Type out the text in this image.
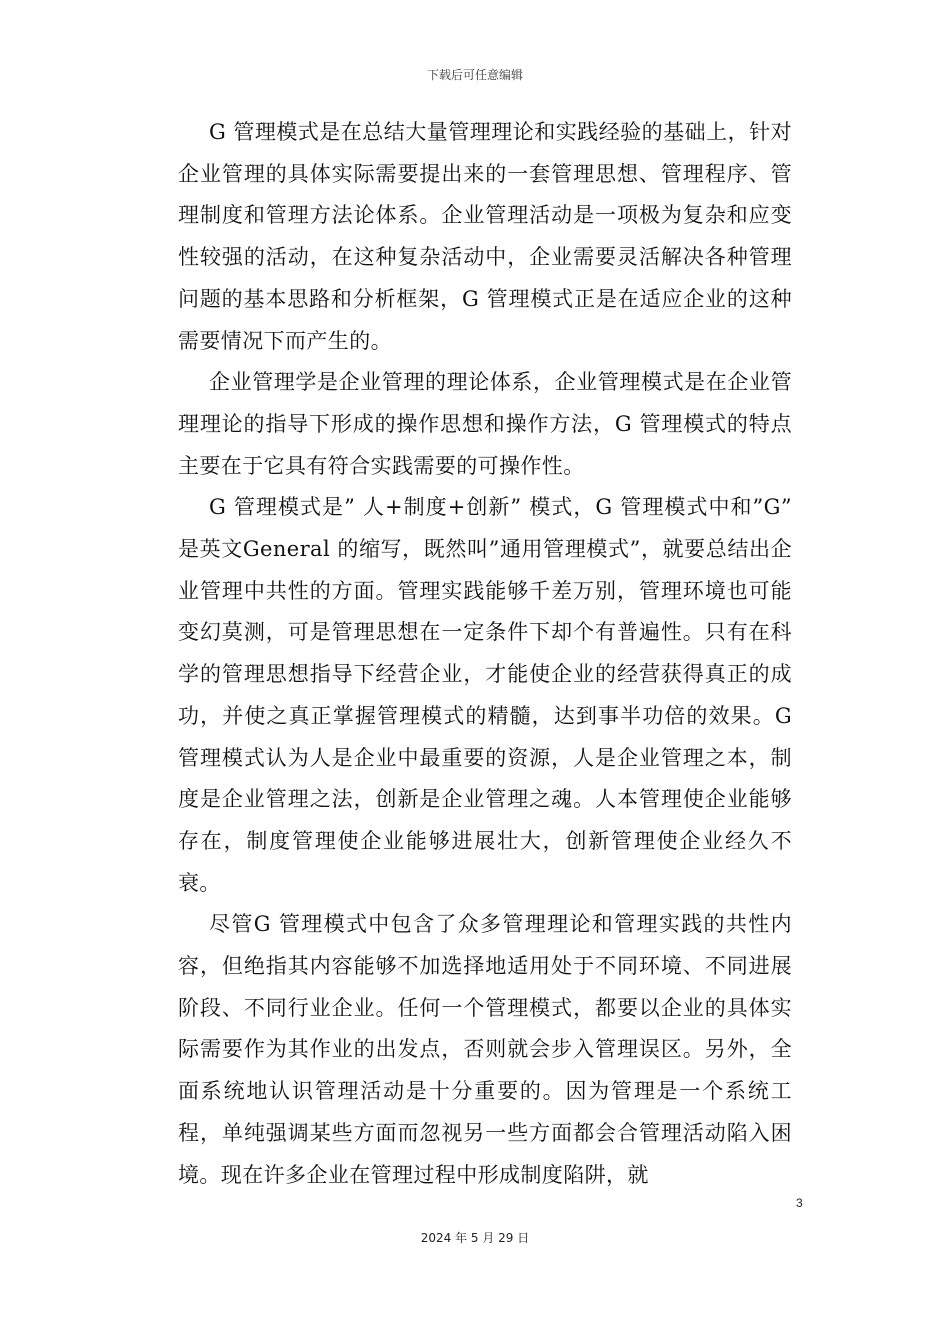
下载后可任意编辑

G 管理模式是在总结大量管理理论和实践经验的基础上，针对企业管理的具体实际需要提出来的一套管理思想、管理程序、管理制度和管理方法论体系。企业管理活动是一项极为复杂和应变性较强的活动，在这种复杂活动中，企业需要灵活解决各种管理问题的基本思路和分析框架，G 管理模式正是在适应企业的这种需要情况下而产生的。

企业管理学是企业管理的理论体系，企业管理模式是在企业管理理论的指导下形成的操作思想和操作方法，G 管理模式的特点主要在于它具有符合实践需要的可操作性。

G 管理模式是” 人+制度+创新” 模式，G 管理模式中和”G” 是英文General 的缩写，既然叫”通用管理模式”，就要总结出企业管理中共性的方面。管理实践能够千差万别，管理环境也可能变幻莫测，可是管理思想在一定条件下却个有普遍性。只有在科学的管理思想指导下经营企业，才能使企业的经营获得真正的成功，并使之真正掌握管理模式的精髓，达到事半功倍的效果。G 管理模式认为人是企业中最重要的资源，人是企业管理之本，制度是企业管理之法，创新是企业管理之魂。人本管理使企业能够存在，制度管理使企业能够进展壮大，创新管理使企业经久不衰。

尽管G 管理模式中包含了众多管理理论和管理实践的共性内容，但绝指其内容能够不加选择地适用处于不同环境、不同进展阶段、不同行业企业。任何一个管理模式，都要以企业的具体实际需要作为其作业的出发点，否则就会步入管理误区。另外，全面系统地认识管理活动是十分重要的。因为管理是一个系统工程，单纯强调某些方面而忽视另一些方面都会合管理活动陷入困境。现在许多企业在管理过程中形成制度陷阱，就

3
2024 年 5 月 29 日
